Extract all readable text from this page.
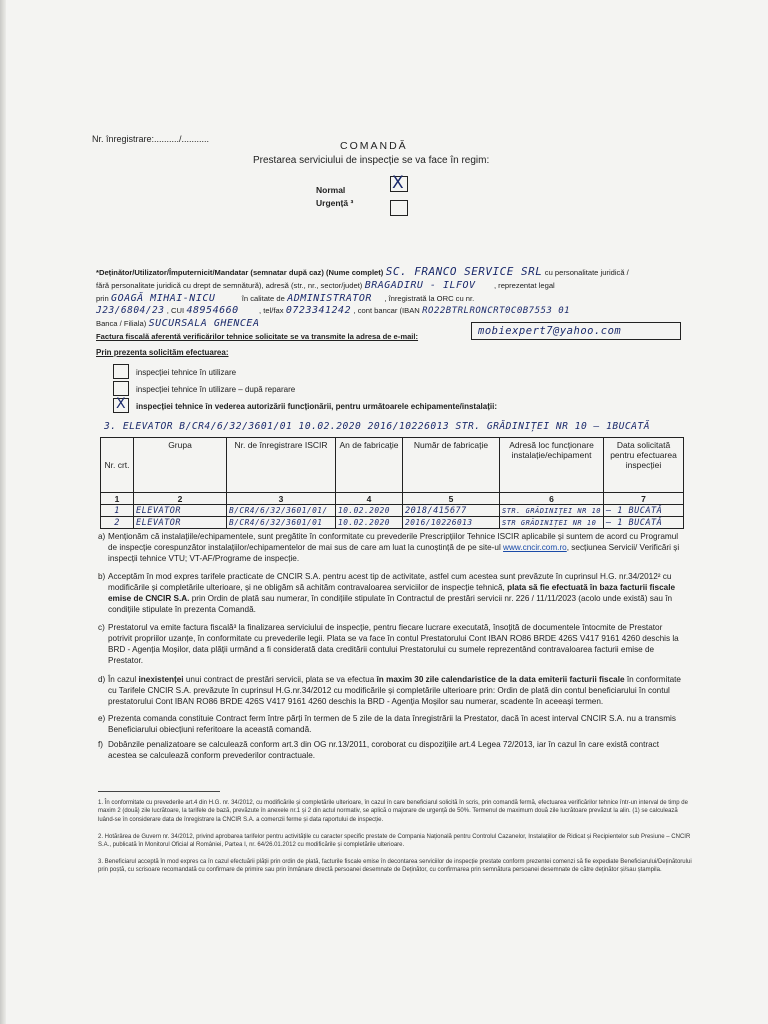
Nr. înregistrare:........../...........
COMANDĂ
Prestarea serviciului de inspecție se va face în regim:
Normal	X
Urgență ³
*Deținător/Utilizator/Împuternicit/Mandatar (semnatar după caz) (Nume complet) SC. FRANCO SERVICE SRL cu personalitate juridică /
fără personalitate juridică cu drept de semnătură), adresă (str., nr., sector/judet) BRAGADIRU - ILFOV , reprezentat legal
prin GOAGĂ MIHAI-NICU	în calitate de ADMINISTRATOR , înregistrată la ORC cu nr.
J23/6804/23 , CUI 48954660	, tel/fax 0723341242 , cont bancar (IBAN RO22BTRLRONCRT0C0B7553 01
Banca / Filiala) SUCURSALA GHENCEA
Factura fiscală aferentă verificărilor tehnice solicitate se va transmite la adresa de e-mail:	mobiexpert7@yahoo.com
Prin prezenta solicităm efectuarea:
inspecției tehnice în utilizare
inspecției tehnice în utilizare – după reparare
X inspecției tehnice în vederea autorizării funcționării, pentru următoarele echipamente/instalații:
3. ELEVATOR B/CR4/6/32/3601/01 10.02.2020 2016/10226013 STR. GRĂDINIȚEI NR 10 – 1BUCATĂ
Nr. crt.	Grupa	Nr. de înregistrare ISCIR	An de fabricație	Număr de fabricație	Adresă loc funcționare instalație/echipament	Data solicitată pentru efectuarea inspecției
1	2	3	4	5	6	7
1	ELEVATOR	B/CR4/6/32/3601/01/	10.02.2020	2018/415677	STR. GRĂDINIȚEI NR 10	– 1 BUCATĂ
2	ELEVATOR	B/CR4/6/32/3601/01	10.02.2020	2016/10226013	STR GRĂDINIȚEI NR 10	– 1 BUCATĂ
a) Menționăm că instalațiile/echipamentele, sunt pregătite în conformitate cu prevederile Prescripțiilor Tehnice ISCIR aplicabile și suntem de acord cu Programul de inspecție corespunzător instalațiilor/echipamentelor de mai sus de care am luat la cunoștință de pe site-ul www.cncir.com.ro, secțiunea Servicii/ Verificări și inspecții tehnice VTU; VT-AF/Programe de inspecție.
b) Acceptăm în mod expres tarifele practicate de CNCIR S.A. pentru acest tip de activitate, astfel cum acestea sunt prevăzute în cuprinsul H.G. nr.34/2012² cu modificările și completările ulterioare, și ne obligăm să achităm contravaloarea serviciilor de inspecție tehnică, plata să fie efectuată în baza facturii fiscale emise de CNCIR S.A. prin Ordin de plată sau numerar, în condițiile stipulate în Contractul de prestări servicii nr. 226 / 11/11/2023 (acolo unde există) sau în condițiile stipulate în prezenta Comandă.
c) Prestatorul va emite factura fiscală³ la finalizarea serviciului de inspecție, pentru fiecare lucrare executată, însoțită de documentele întocmite de Prestator potrivit propriilor uzanțe, în conformitate cu prevederile legii. Plata se va face în contul Prestatorului Cont IBAN RO86 BRDE 426S V417 9161 4260 deschis la BRD - Agenția Moșilor, data plății urmând a fi considerată data creditării contului Prestatorului cu sumele reprezentând contravaloarea facturii emise de Prestator.
d) În cazul inexistenței unui contract de prestări servicii, plata se va efectua în maxim 30 zile calendaristice de la data emiterii facturii fiscale în conformitate cu Tarifele CNCIR S.A. prevăzute în cuprinsul H.G.nr.34/2012 cu modificările și completările ulterioare prin: Ordin de plată din contul beneficiarului în contul prestatorului Cont IBAN RO86 BRDE 426S V417 9161 4260 deschis la BRD - Agenția Moșilor sau numerar, scadente în aceeași termen.
e) Prezenta comanda constituie Contract ferm între părți în termen de 5 zile de la data înregistrării la Prestator, dacă în acest interval CNCIR S.A. nu a transmis Beneficiarului obiecțiuni referitoare la această comandă.
f) Dobânzile penalizatoare se calculează conform art.3 din OG nr.13/2011, coroborat cu dispozițiile art.4 Legea 72/2013, iar în cazul în care există contract acestea se calculează conform prevederilor contractuale.
1. În conformitate cu prevederile art.4 din H.G. nr. 34/2012, cu modificările și completările ulterioare, în cazul în care beneficiarul solicită în scris, prin comandă fermă, efectuarea verificărilor tehnice într-un interval de timp de maxim 2 (două) zile lucrătoare, la tarifele de bază, prevăzute în anexele nr.1 și 2 din actul normativ, se aplică o majorare de urgență de 50%. Termenul de maximum două zile lucrătoare prevăzut la alin. (1) se calculează luând-se în considerare data de înregistrare la CNCIR S.A. a comenzii ferme și data raportului de inspecție.
2. Hotărârea de Guvern nr. 34/2012, privind aprobarea tarifelor pentru activitățile cu caracter specific prestate de Compania Națională pentru Controlul Cazanelor, Instalațiilor de Ridicat și Recipientelor sub Presiune – CNCIR S.A., publicată în Monitorul Oficial al României, Partea I, nr. 64/26.01.2012 cu modificările și completările ulterioare.
3. Beneficiarul acceptă în mod expres ca în cazul efectuării plății prin ordin de plată, facturile fiscale emise în decontarea serviciilor de inspecție prestate conform prezentei comenzi să fie expediate Beneficiarului/Deținătorului prin poștă, cu scrisoare recomandată cu confirmare de primire sau prin înmânare directă persoanei desemnate de Deținător, cu confirmarea prin semnătura persoanei desemnate de către deținător și/sau ștampila.
